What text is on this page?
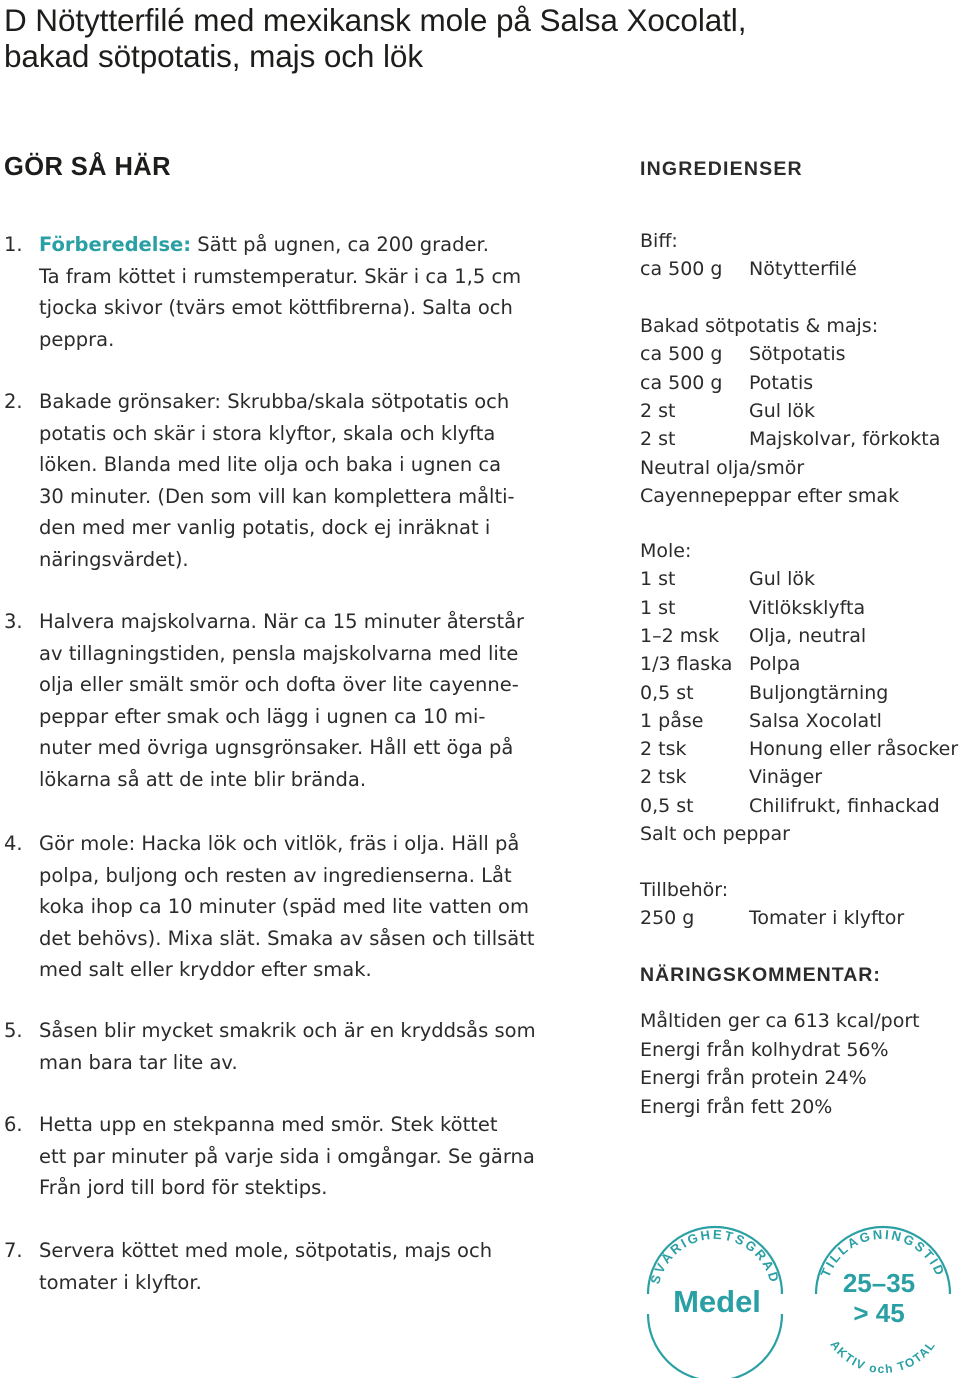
D Nötytterfilé med mexikansk mole på Salsa Xocolatl,
bakad sötpotatis, majs och lök
GÖR SÅ HÄR
1. Förberedelse: Sätt på ugnen, ca 200 grader.
Ta fram köttet i rumstemperatur. Skär i ca 1,5 cm
tjocka skivor (tvärs emot köttfibrerna). Salta och
peppra.
2. Bakade grönsaker: Skrubba/skala sötpotatis och
potatis och skär i stora klyftor, skala och klyfta
löken. Blanda med lite olja och baka i ugnen ca
30 minuter. (Den som vill kan komplettera målti-
den med mer vanlig potatis, dock ej inräknat i
näringsvärdet).
3. Halvera majskolvarna. När ca 15 minuter återstår
av tillagningstiden, pensla majskolvarna med lite
olja eller smält smör och dofta över lite cayenne-
peppar efter smak och lägg i ugnen ca 10 mi-
nuter med övriga ugnsgrönsaker. Håll ett öga på
lökarna så att de inte blir brända.
4. Gör mole: Hacka lök och vitlök, fräs i olja. Häll på
polpa, buljong och resten av ingredienserna. Låt
koka ihop ca 10 minuter (späd med lite vatten om
det behövs). Mixa slät. Smaka av såsen och tillsätt
med salt eller kryddor efter smak.
5. Såsen blir mycket smakrik och är en kryddsås som
man bara tar lite av.
6. Hetta upp en stekpanna med smör. Stek köttet
ett par minuter på varje sida i omgångar. Se gärna
Från jord till bord för stektips.
7. Servera köttet med mole, sötpotatis, majs och
tomater i klyftor.
INGREDIENSER
Biff:
ca 500 g Nötytterfilé
Bakad sötpotatis & majs:
ca 500 g Sötpotatis
ca 500 g Potatis
2 st	Gul lök
2 st	Majskolvar, förkokta
Neutral olja/smör
Cayennepeppar efter smak
Mole:
1 st	Gul lök
1 st	Vitlöksklyfta
1–2 msk Olja, neutral
1/3 flaska Polpa
0,5 st	Buljongtärning
1 påse Salsa Xocolatl
2 tsk	Honung eller råsocker
2 tsk	Vinäger
0,5 st	Chilifrukt, finhackad
Salt och peppar
Tillbehör:
250 g	Tomater i klyftor
NÄRINGSKOMMENTAR:
Måltiden ger ca 613 kcal/port
Energi från kolhydrat 56%
Energi från protein 24%
Energi från fett 20%
SVÅRIGHETSGRAD
Medel
TILLAGNINGSTID
25–35
> 45
AKTIV och TOTAL
